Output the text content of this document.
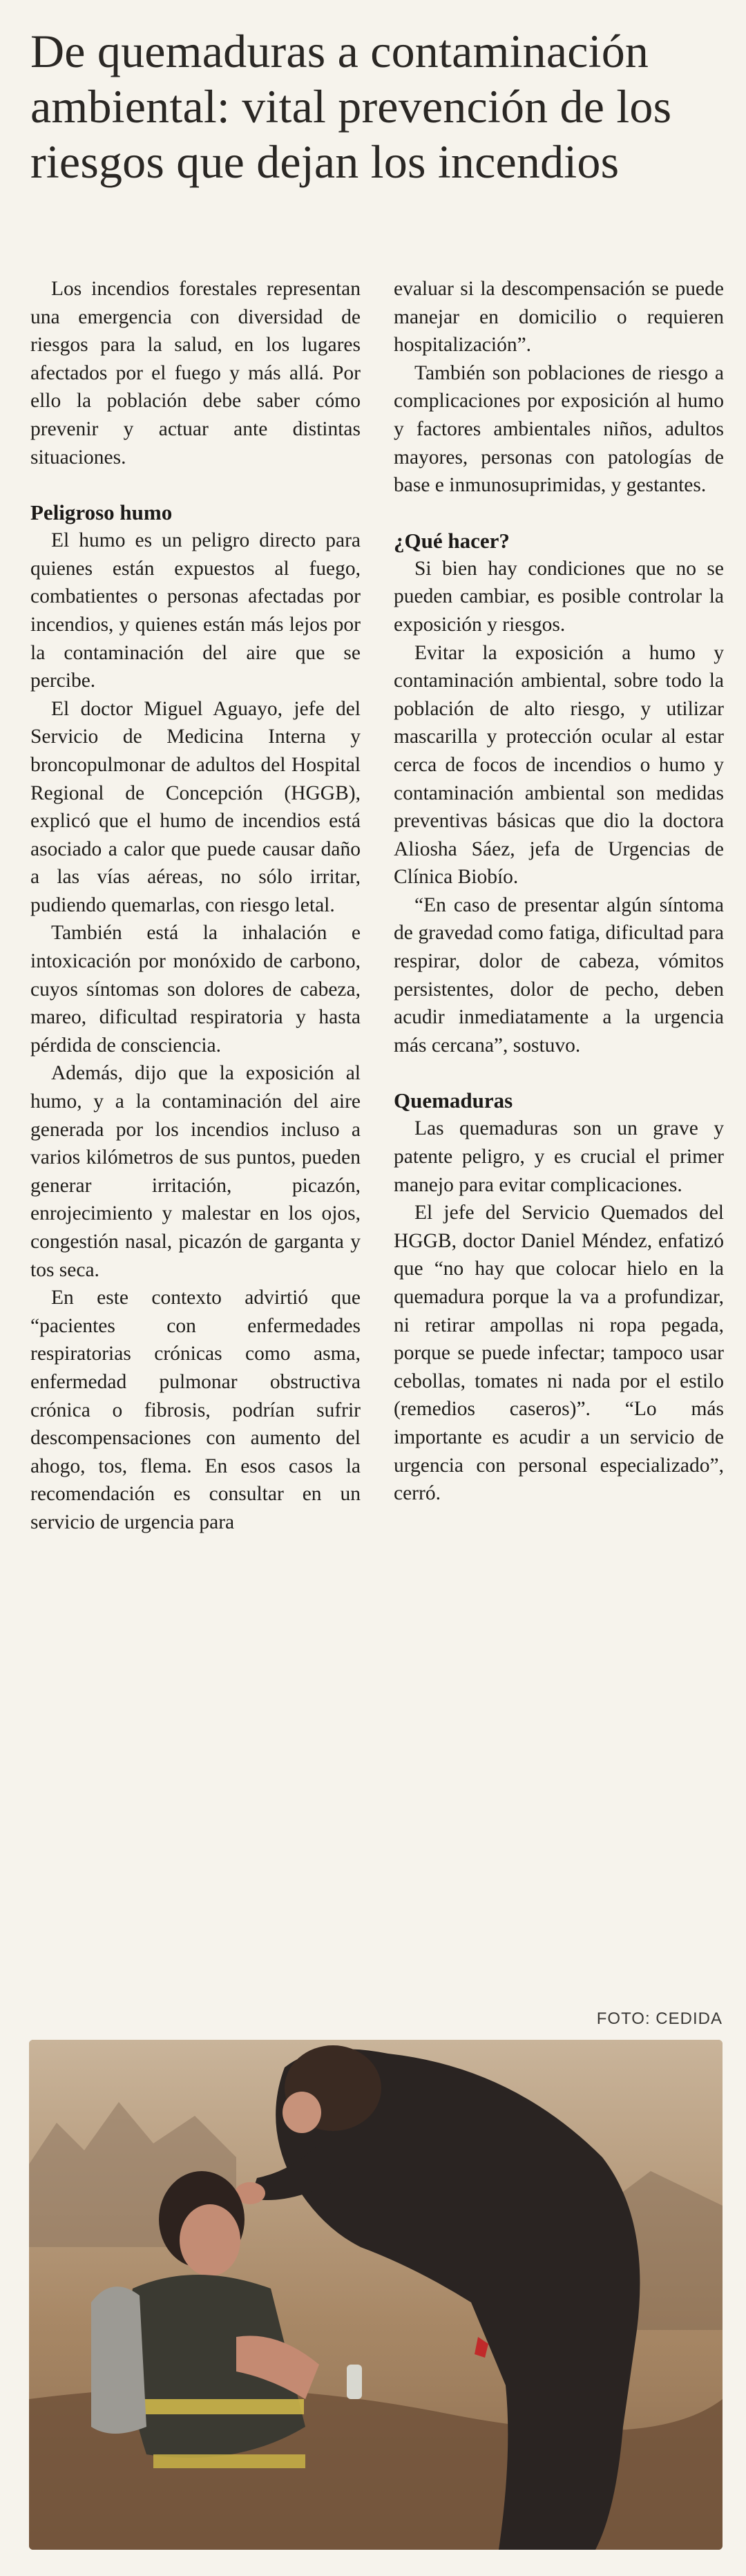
De quemaduras a contaminación ambiental: vital prevención de los riesgos que dejan los incendios

Los incendios forestales representan una emergencia con diversidad de riesgos para la salud, en los lugares afectados por el fuego y más allá. Por ello la población debe saber cómo prevenir y actuar ante distintas situaciones.

Peligroso humo

El humo es un peligro directo para quienes están expuestos al fuego, combatientes o personas afectadas por incendios, y quienes están más lejos por la contaminación del aire que se percibe.

El doctor Miguel Aguayo, jefe del Servicio de Medicina Interna y broncopulmonar de adultos del Hospital Regional de Concepción (HGGB), explicó que el humo de incendios está asociado a calor que puede causar daño a las vías aéreas, no sólo irritar, pudiendo quemarlas, con riesgo letal.

También está la inhalación e intoxicación por monóxido de carbono, cuyos síntomas son dolores de cabeza, mareo, dificultad respiratoria y hasta pérdida de consciencia.

Además, dijo que la exposición al humo, y a la contaminación del aire generada por los incendios incluso a varios kilómetros de sus puntos, pueden generar irritación, picazón, enrojecimiento y malestar en los ojos, congestión nasal, picazón de garganta y tos seca.

En este contexto advirtió que “pacientes con enfermedades respiratorias crónicas como asma, enfermedad pulmonar obstructiva crónica o fibrosis, podrían sufrir descompensaciones con aumento del ahogo, tos, flema. En esos casos la recomendación es consultar en un servicio de urgencia para

evaluar si la descompensación se puede manejar en domicilio o requieren hospitalización”.

También son poblaciones de riesgo a complicaciones por exposición al humo y factores ambientales niños, adultos mayores, personas con patologías de base e inmunosuprimidas, y gestantes.

¿Qué hacer?

Si bien hay condiciones que no se pueden cambiar, es posible controlar la exposición y riesgos.

Evitar la exposición a humo y contaminación ambiental, sobre todo la población de alto riesgo, y utilizar mascarilla y protección ocular al estar cerca de focos de incendios o humo y contaminación ambiental son medidas preventivas básicas que dio la doctora Aliosha Sáez, jefa de Urgencias de Clínica Biobío.

“En caso de presentar algún síntoma de gravedad como fatiga, dificultad para respirar, dolor de cabeza, vómitos persistentes, dolor de pecho, deben acudir inmediatamente a la urgencia más cercana”, sostuvo.

Quemaduras

Las quemaduras son un grave y patente peligro, y es crucial el primer manejo para evitar complicaciones.

El jefe del Servicio Quemados del HGGB, doctor Daniel Méndez, enfatizó que “no hay que colocar hielo en la quemadura porque la va a profundizar, ni retirar ampollas ni ropa pegada, porque se puede infectar; tampoco usar cebollas, tomates ni nada por el estilo (remedios caseros)”. “Lo más importante es acudir a un servicio de urgencia con personal especializado”, cerró.

FOTO: CEDIDA
